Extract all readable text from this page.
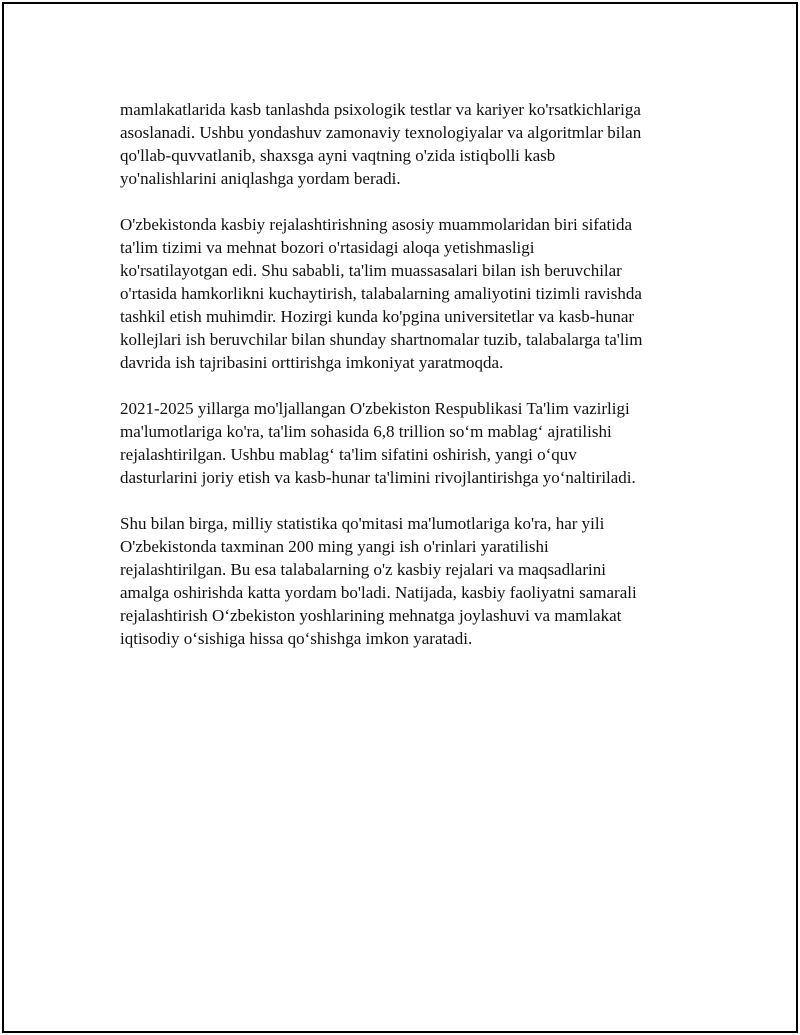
mamlakatlarida kasb tanlashda psixologik testlar va kariyer ko'rsatkichlariga
asoslanadi. Ushbu yondashuv zamonaviy texnologiyalar va algoritmlar bilan
qo'llab-quvvatlanib, shaxsga ayni vaqtning o'zida istiqbolli kasb
yo'nalishlarini aniqlashga yordam beradi.

O'zbekistonda kasbiy rejalashtirishning asosiy muammolaridan biri sifatida
ta'lim tizimi va mehnat bozori o'rtasidagi aloqa yetishmasligi
ko'rsatilayotgan edi. Shu sababli, ta'lim muassasalari bilan ish beruvchilar
o'rtasida hamkorlikni kuchaytirish, talabalarning amaliyotini tizimli ravishda
tashkil etish muhimdir. Hozirgi kunda ko'pgina universitetlar va kasb-hunar
kollejlari ish beruvchilar bilan shunday shartnomalar tuzib, talabalarga ta'lim
davrida ish tajribasini orttirishga imkoniyat yaratmoqda.

2021-2025 yillarga mo'ljallangan O'zbekiston Respublikasi Ta'lim vazirligi
ma'lumotlariga ko'ra, ta'lim sohasida 6,8 trillion so‘m mablag‘ ajratilishi
rejalashtirilgan. Ushbu mablag‘ ta'lim sifatini oshirish, yangi o‘quv
dasturlarini joriy etish va kasb-hunar ta'limini rivojlantirishga yo‘naltiriladi.

Shu bilan birga, milliy statistika qo'mitasi ma'lumotlariga ko'ra, har yili
O'zbekistonda taxminan 200 ming yangi ish o'rinlari yaratilishi
rejalashtirilgan. Bu esa talabalarning o'z kasbiy rejalari va maqsadlarini
amalga oshirishda katta yordam bo'ladi. Natijada, kasbiy faoliyatni samarali
rejalashtirish O‘zbekiston yoshlarining mehnatga joylashuvi va mamlakat
iqtisodiy o‘sishiga hissa qo‘shishga imkon yaratadi.
